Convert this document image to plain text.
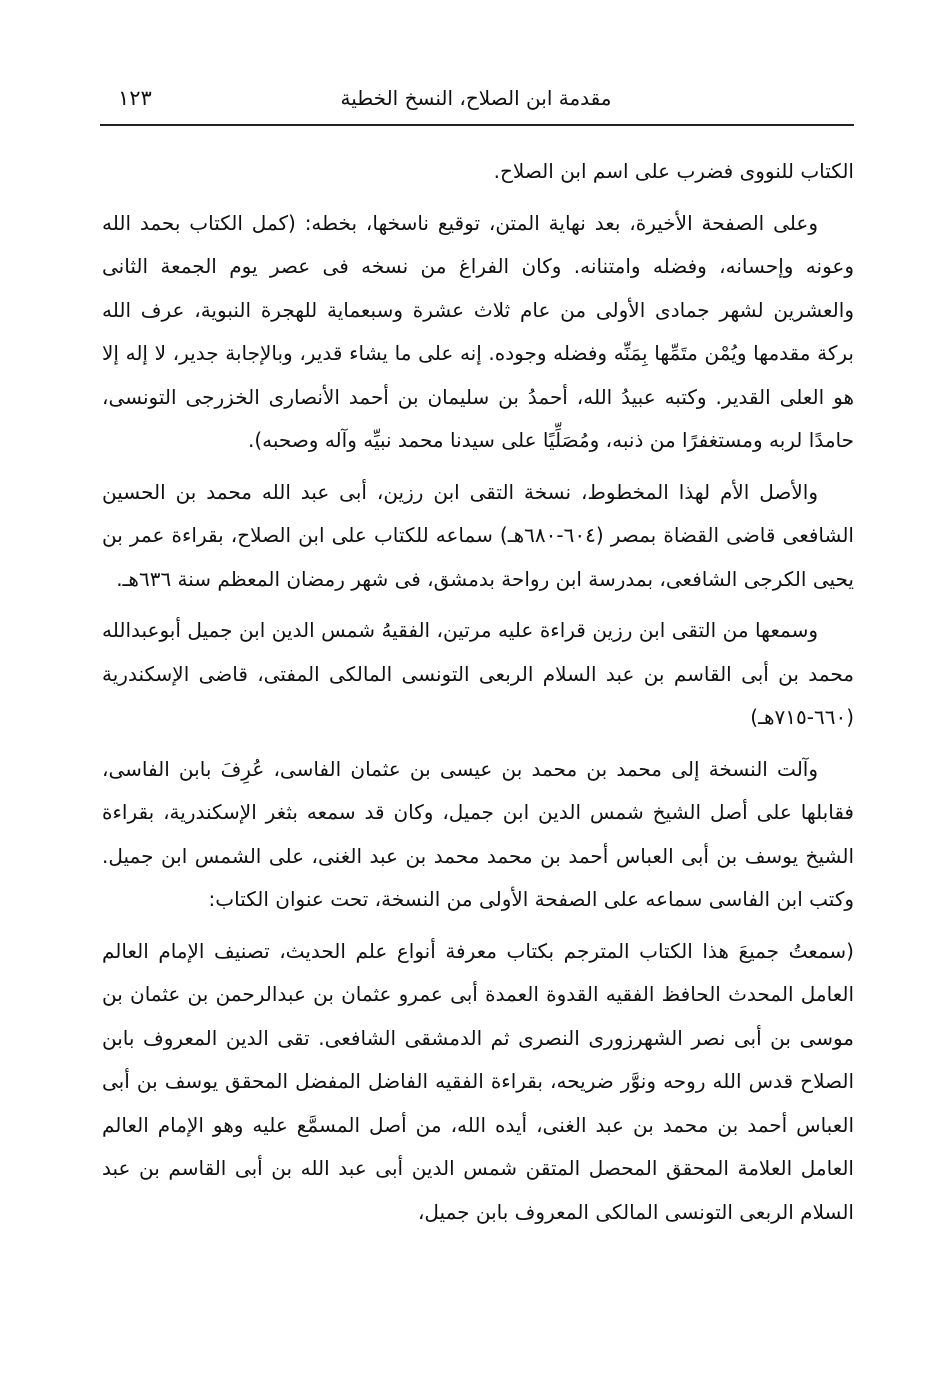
مقدمة ابن الصلاح، النسخ الخطية
١٢٣

الكتاب للنووى فضرب على اسم ابن الصلاح.

وعلى الصفحة الأخيرة، بعد نهاية المتن، توقيع ناسخها، بخطه: (كمل الكتاب بحمد الله وعونه وإحسانه، وفضله وامتنانه. وكان الفراغ من نسخه فى عصر يوم الجمعة الثانى والعشرين لشهر جمادى الأولى من عام ثلاث عشرة وسبعماية للهجرة النبوية، عرف الله بركة مقدمها ويُمْن متَمِّها بِمَنِّه وفضله وجوده. إنه على ما يشاء قدير، وبالإجابة جدير، لا إله إلا هو العلى القدير. وكتبه عبيدُ الله، أحمدُ بن سليمان بن أحمد الأنصارى الخزرجى التونسى، حامدًا لربه ومستغفرًا من ذنبه، ومُصَلِّيًا على سيدنا محمد نبيِّه وآله وصحبه).

والأصل الأم لهذا المخطوط، نسخة التقى ابن رزين، أبى عبد الله محمد بن الحسين الشافعى قاضى القضاة بمصر (٦٠٤-٦٨٠هـ) سماعه للكتاب على ابن الصلاح، بقراءة عمر بن يحيى الكرجى الشافعى، بمدرسة ابن رواحة بدمشق، فى شهر رمضان المعظم سنة ٦٣٦هـ.

وسمعها من التقى ابن رزين قراءة عليه مرتين، الفقيهُ شمس الدين ابن جميل أبوعبدالله محمد بن أبى القاسم بن عبد السلام الربعى التونسى المالكى المفتى، قاضى الإسكندرية (٦٦٠-٧١٥هـ)

وآلت النسخة إلى محمد بن محمد بن عيسى بن عثمان الفاسى، عُرِفَ بابن الفاسى، فقابلها على أصل الشيخ شمس الدين ابن جميل، وكان قد سمعه بثغر الإسكندرية، بقراءة الشيخ يوسف بن أبى العباس أحمد بن محمد محمد بن عبد الغنى، على الشمس ابن جميل. وكتب ابن الفاسى سماعه على الصفحة الأولى من النسخة، تحت عنوان الكتاب:

(سمعتُ جميعَ هذا الكتاب المترجم بكتاب معرفة أنواع علم الحديث، تصنيف الإمام العالم العامل المحدث الحافظ الفقيه القدوة العمدة أبى عمرو عثمان بن عبدالرحمن بن عثمان بن موسى بن أبى نصر الشهرزورى النصرى ثم الدمشقى الشافعى. تقى الدين المعروف بابن الصلاح قدس الله روحه ونوَّر ضريحه، بقراءة الفقيه الفاضل المفضل المحقق يوسف بن أبى العباس أحمد بن محمد بن عبد الغنى، أيده الله، من أصل المسمَّع عليه وهو الإمام العالم العامل العلامة المحقق المحصل المتقن شمس الدين أبى عبد الله بن أبى القاسم بن عبد السلام الربعى التونسى المالكى المعروف بابن جميل،
